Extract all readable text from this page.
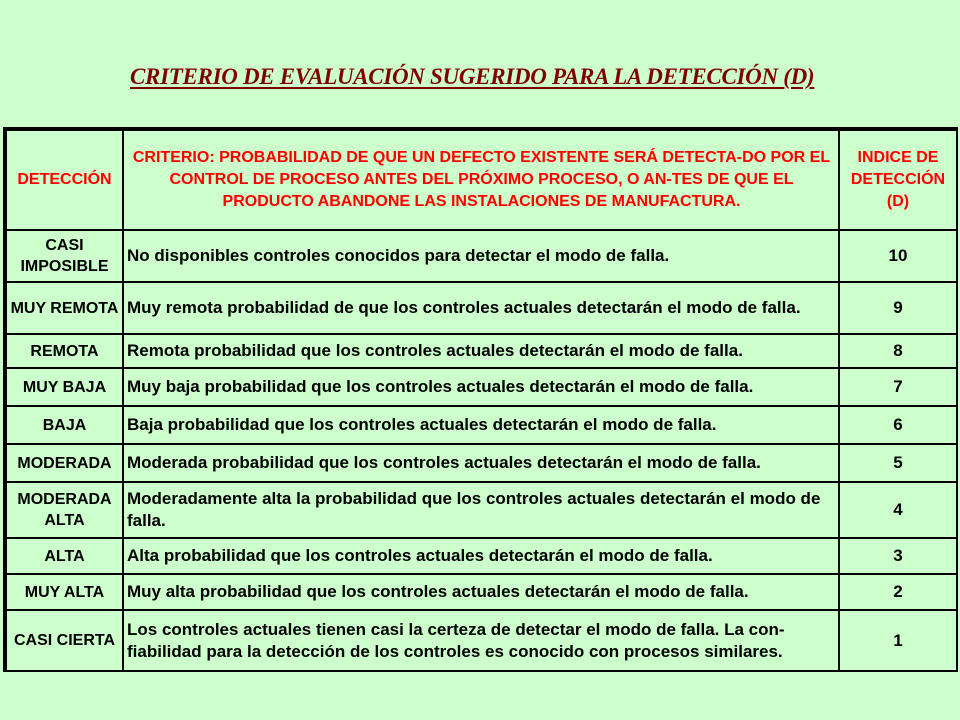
CRITERIO DE EVALUACIÓN SUGERIDO PARA LA DETECCIÓN (D)
DETECCIÓN	CRITERIO: PROBABILIDAD DE QUE UN DEFECTO EXISTENTE SERÁ DETECTA-DO POR EL CONTROL DE PROCESO ANTES DEL PRÓXIMO PROCESO, O AN-TES DE QUE EL PRODUCTO ABANDONE LAS INSTALACIONES DE MANUFACTURA.	INDICE DE DETECCIÓN (D)
CASI IMPOSIBLE	No disponibles controles conocidos para detectar el modo de falla.	10
MUY REMOTA	Muy remota probabilidad de que los controles actuales detectarán el modo de falla.	9
REMOTA	Remota probabilidad que los controles actuales detectarán el modo de falla.	8
MUY BAJA	Muy baja probabilidad que los controles actuales detectarán el modo de falla.	7
BAJA	Baja probabilidad que los controles actuales detectarán el modo de falla.	6
MODERADA	Moderada probabilidad que los controles actuales detectarán el modo de falla.	5
MODERADA ALTA	Moderadamente alta la probabilidad que los controles actuales detectarán el modo de falla.	4
ALTA	Alta probabilidad que los controles actuales detectarán el modo de falla.	3
MUY ALTA	Muy alta probabilidad que los controles actuales detectarán el modo de falla.	2
CASI CIERTA	Los controles actuales tienen casi la certeza de detectar el modo de falla. La con-fiabilidad para la detección de los controles es conocido con procesos similares.	1
